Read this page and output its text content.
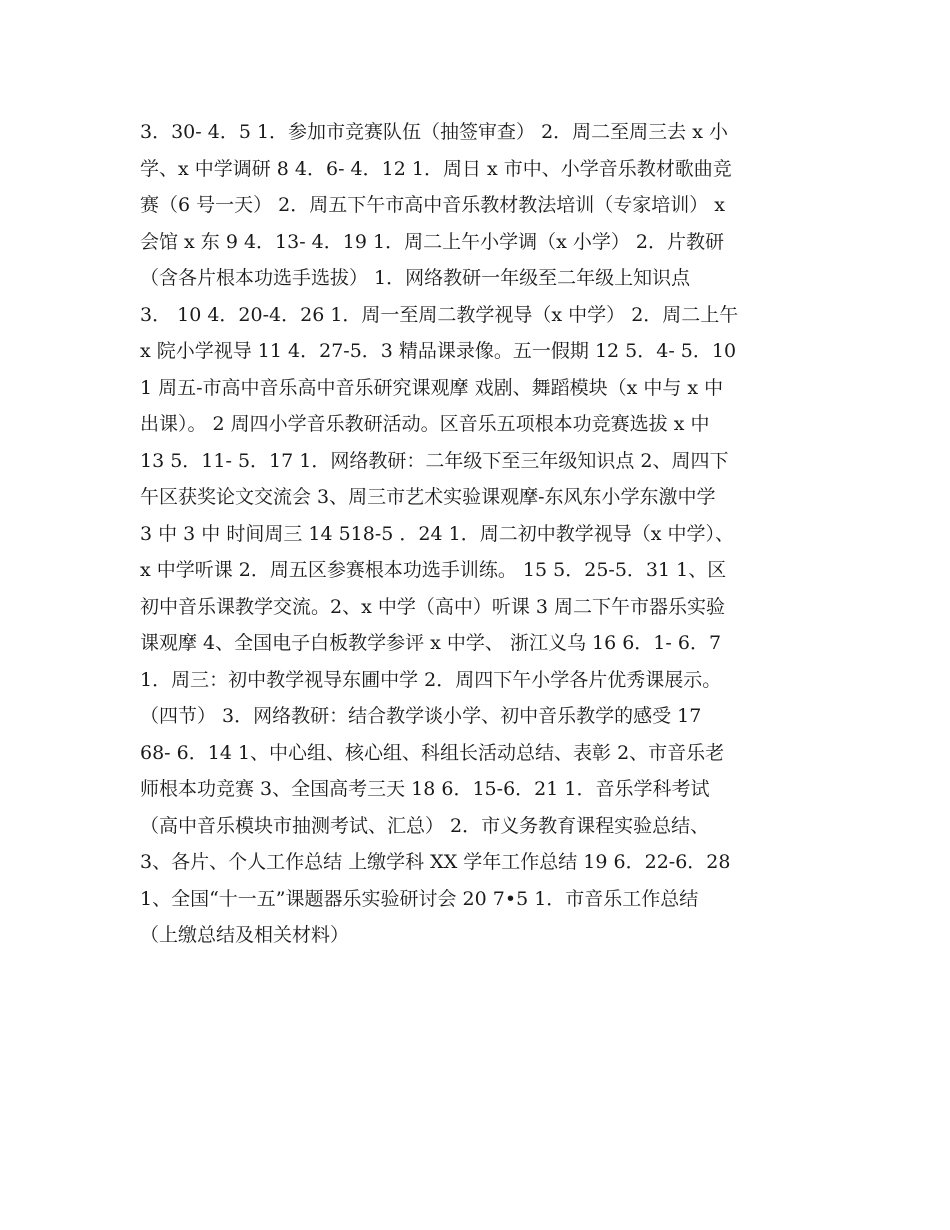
3．30- 4．5 1．参加市竞赛队伍（抽签审查） 2．周二至周三去 x 小
学、x 中学调研 8 4．6- 4．12 1．周日 x 市中、小学音乐教材歌曲竞
赛（6 号一天） 2．周五下午市高中音乐教材教法培训（专家培训） x
会馆 x 东 9 4．13- 4．19 1．周二上午小学调（x 小学） 2．片教研
（含各片根本功选手选拔） 1．网络教研一年级至二年级上知识点
3． 10 4．20-4．26 1．周一至周二教学视导（x 中学） 2．周二上午
x 院小学视导 11 4．27-5．3 精品课录像。五一假期 12 5．4- 5．10
1 周五-市高中音乐高中音乐研究课观摩 戏剧、舞蹈模块（x 中与 x 中
出课）。 2 周四小学音乐教研活动。区音乐五项根本功竞赛选拔 x 中
13 5．11- 5．17 1．网络教研：二年级下至三年级知识点 2、周四下
午区获奖论文交流会 3、周三市艺术实验课观摩-东风东小学东激中学
3 中 3 中 时间周三 14 518-5 ．24 1．周二初中教学视导（x 中学）、
x 中学听课 2．周五区参赛根本功选手训练。 15 5．25-5．31 1、区
初中音乐课教学交流。2、x 中学（高中）听课 3 周二下午市器乐实验
课观摩 4、全国电子白板教学参评 x 中学、 浙江义乌 16 6．1- 6．7
1．周三：初中教学视导东圃中学 2．周四下午小学各片优秀课展示。
（四节） 3．网络教研：结合教学谈小学、初中音乐教学的感受 17
68- 6．14 1、中心组、核心组、科组长活动总结、表彰 2、市音乐老
师根本功竞赛 3、全国高考三天 18 6．15-6．21 1．音乐学科考试
（高中音乐模块市抽测考试、汇总） 2．市义务教育课程实验总结、
3、各片、个人工作总结 上缴学科 XX 学年工作总结 19 6．22-6．28
1、全国“十一五”课题器乐实验研讨会 20 7•5 1．市音乐工作总结
（上缴总结及相关材料）
